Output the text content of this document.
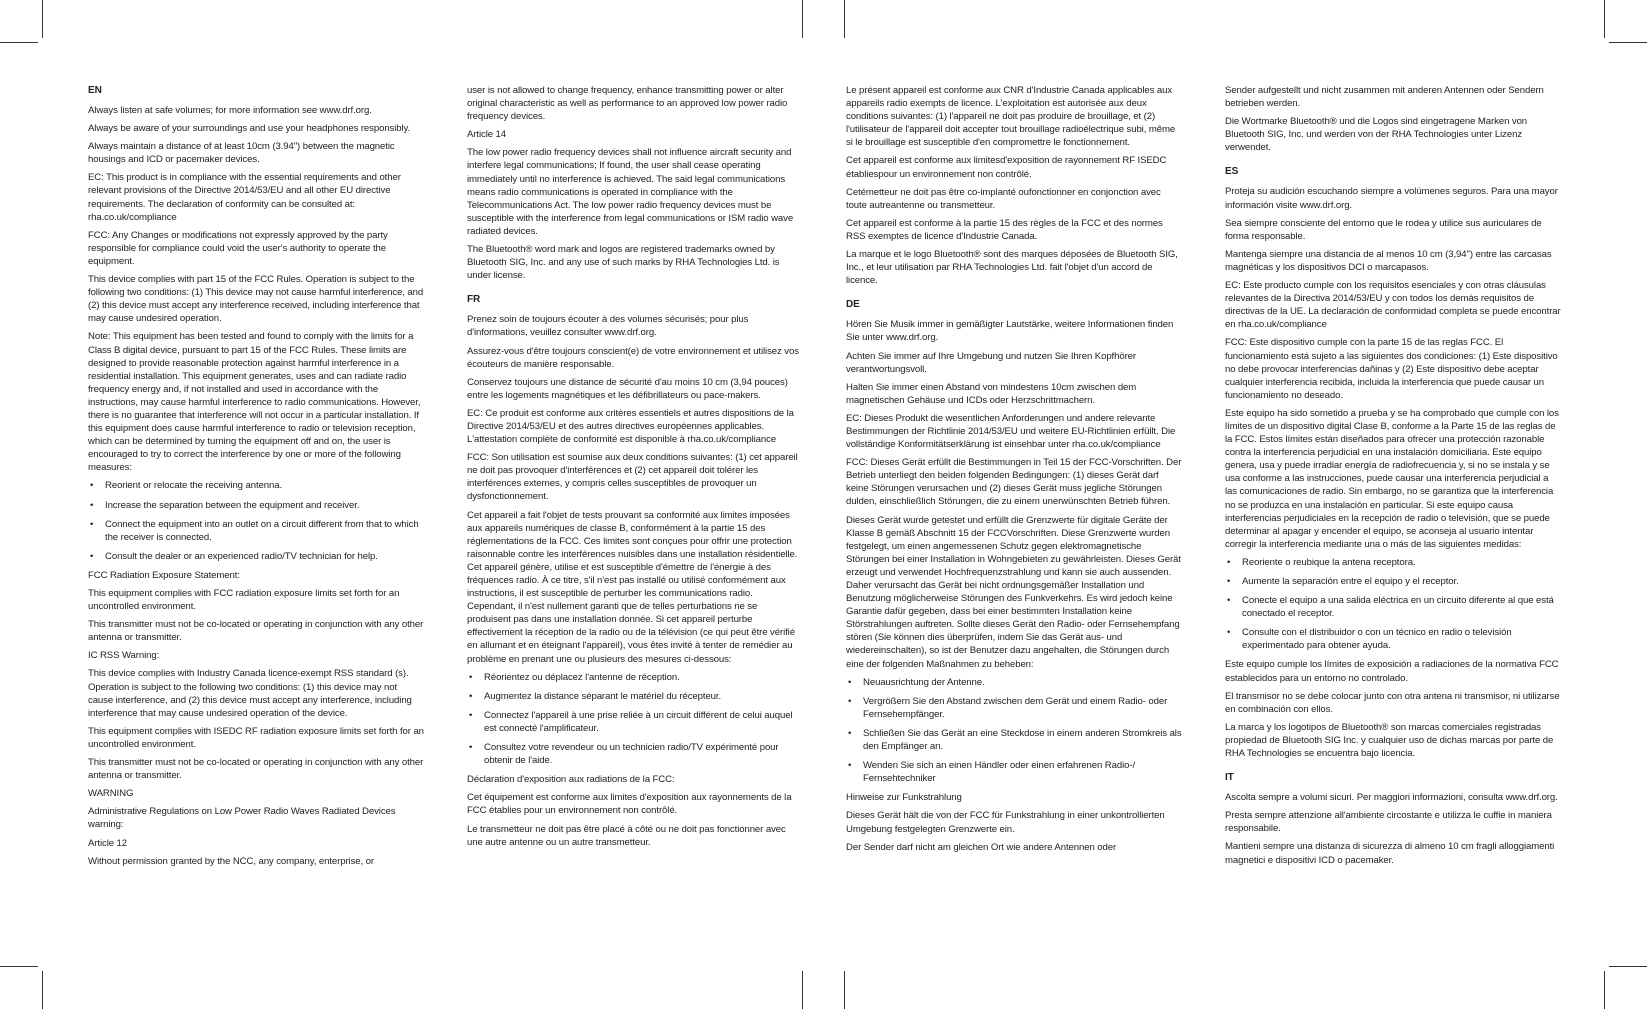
EN

Always listen at safe volumes; for more information see www.drf.org.

Always be aware of your surroundings and use your headphones responsibly.

Always maintain a distance of at least 10cm (3.94") between the magnetic housings and ICD or pacemaker devices.

EC: This product is in compliance with the essential requirements and other relevant provisions of the Directive 2014/53/EU and all other EU directive requirements. The declaration of conformity can be consulted at: rha.co.uk/compliance

FCC: Any Changes or modifications not expressly approved by the party responsible for compliance could void the user's authority to operate the equipment.

This device complies with part 15 of the FCC Rules. Operation is subject to the following two conditions: (1) This device may not cause harmful interference, and (2) this device must accept any interference received, including interference that may cause undesired operation.

Note: This equipment has been tested and found to comply with the limits for a Class B digital device, pursuant to part 15 of the FCC Rules. These limits are designed to provide reasonable protection against harmful interference in a residential installation. This equipment generates, uses and can radiate radio frequency energy and, if not installed and used in accordance with the instructions, may cause harmful interference to radio communications. However, there is no guarantee that interference will not occur in a particular installation. If this equipment does cause harmful interference to radio or television reception, which can be determined by turning the equipment off and on, the user is encouraged to try to correct the interference by one or more of the following measures:

• Reorient or relocate the receiving antenna.
• Increase the separation between the equipment and receiver.
• Connect the equipment into an outlet on a circuit different from that to which the receiver is connected.
• Consult the dealer or an experienced radio/TV technician for help.

FCC Radiation Exposure Statement:

This equipment complies with FCC radiation exposure limits set forth for an uncontrolled environment.

This transmitter must not be co-located or operating in conjunction with any other antenna or transmitter.

IC RSS Warning:

This device complies with Industry Canada licence-exempt RSS standard (s). Operation is subject to the following two conditions: (1) this device may not cause interference, and (2) this device must accept any interference, including interference that may cause undesired operation of the device.

This equipment complies with ISEDC RF radiation exposure limits set forth for an uncontrolled environment.

This transmitter must not be co-located or operating in conjunction with any other antenna or transmitter.

WARNING

Administrative Regulations on Low Power Radio Waves Radiated Devices warning:

Article 12

Without permission granted by the NCC, any company, enterprise, or

user is not allowed to change frequency, enhance transmitting power or alter original characteristic as well as performance to an approved low power radio frequency devices.

Article 14

The low power radio frequency devices shall not influence aircraft security and interfere legal communications; If found, the user shall cease operating immediately until no interference is achieved. The said legal communications means radio communications is operated in compliance with the Telecommunications Act. The low power radio frequency devices must be susceptible with the interference from legal communications or ISM radio wave radiated devices.

The Bluetooth® word mark and logos are registered trademarks owned by Bluetooth SIG, Inc. and any use of such marks by RHA Technologies Ltd. is under license.

FR

Prenez soin de toujours écouter à des volumes sécurisés; pour plus d'informations, veuillez consulter www.drf.org.

Assurez-vous d'être toujours conscient(e) de votre environnement et utilisez vos écouteurs de manière responsable.

Conservez toujours une distance de sécurité d'au moins 10 cm (3,94 pouces) entre les logements magnétiques et les défibrillateurs ou pace-makers.

EC: Ce produit est conforme aux critères essentiels et autres dispositions de la Directive 2014/53/EU et des autres directives européennes applicables. L'attestation complète de conformité est disponible à rha.co.uk/compliance

FCC: Son utilisation est soumise aux deux conditions suivantes: (1) cet appareil ne doit pas provoquer d'interférences et (2) cet appareil doit tolérer les interférences externes, y compris celles susceptibles de provoquer un dysfonctionnement.

Cet appareil a fait l'objet de tests prouvant sa conformité aux limites imposées aux appareils numériques de classe B, conformément à la partie 15 des réglementations de la FCC. Ces limites sont conçues pour offrir une protection raisonnable contre les interférences nuisibles dans une installation résidentielle. Cet appareil génère, utilise et est susceptible d'émettre de l'énergie à des fréquences radio. À ce titre, s'il n'est pas installé ou utilisé conformément aux instructions, il est susceptible de perturber les communications radio. Cependant, il n'est nullement garanti que de telles perturbations ne se produisent pas dans une installation donnée. Si cet appareil perturbe effectivement la réception de la radio ou de la télévision (ce qui peut être vérifié en allumant et en éteignant l'appareil), vous êtes invité à tenter de remédier au problème en prenant une ou plusieurs des mesures ci-dessous:

• Réorientez ou déplacez l'antenne de réception.
• Augmentez la distance séparant le matériel du récepteur.
• Connectez l'appareil à une prise reliée à un circuit différent de celui auquel est connecté l'amplificateur.
• Consultez votre revendeur ou un technicien radio/TV expérimenté pour obtenir de l'aide.

Déclaration d'exposition aux radiations de la FCC:

Cet équipement est conforme aux limites d'exposition aux rayonnements de la FCC établies pour un environnement non contrôlé.

Le transmetteur ne doit pas être placé à côté ou ne doit pas fonctionner avec une autre antenne ou un autre transmetteur.

Le présent appareil est conforme aux CNR d'Industrie Canada applicables aux appareils radio exempts de licence. L'exploitation est autorisée aux deux conditions suivantes: (1) l'appareil ne doit pas produire de brouillage, et (2) l'utilisateur de l'appareil doit accepter tout brouillage radioélectrique subi, même si le brouillage est susceptible d'en compromettre le fonctionnement.

Cet appareil est conforme aux limitesd'exposition de rayonnement RF ISEDC établiespour un environnement non contrôlé.

Cetémetteur ne doit pas être co-implanté oufonctionner en conjonction avec toute autreantenne ou transmetteur.

Cet appareil est conforme à la partie 15 des règles de la FCC et des normes RSS exemptes de licence d'Industrie Canada.

La marque et le logo Bluetooth® sont des marques déposées de Bluetooth SIG, Inc., et leur utilisation par RHA Technologies Ltd. fait l'objet d'un accord de licence.

DE

Hören Sie Musik immer in gemäßigter Lautstärke, weitere Informationen finden Sie unter www.drf.org.

Achten Sie immer auf Ihre Umgebung und nutzen Sie Ihren Kopfhörer verantwortungsvoll.

Halten Sie immer einen Abstand von mindestens 10cm zwischen dem magnetischen Gehäuse und ICDs oder Herzschrittmachern.

EC: Dieses Produkt die wesentlichen Anforderungen und andere relevante Bestimmungen der Richtlinie 2014/53/EU und weitere EU-Richtlinien erfüllt. Die vollständige Konformitätserklärung ist einsehbar unter rha.co.uk/compliance

FCC: Dieses Gerät erfüllt die Bestimmungen in Teil 15 der FCC-Vorschriften. Der Betrieb unterliegt den beiden folgenden Bedingungen: (1) dieses Gerät darf keine Störungen verursachen und (2) dieses Gerät muss jegliche Störungen dulden, einschließlich Störungen, die zu einem unerwünschten Betrieb führen.

Dieses Gerät wurde getestet und erfüllt die Grenzwerte für digitale Geräte der Klasse B gemäß Abschnitt 15 der FCCVorschriften. Diese Grenzwerte wurden festgelegt, um einen angemessenen Schutz gegen elektromagnetische Störungen bei einer Installation in Wohngebieten zu gewährleisten. Dieses Gerät erzeugt und verwendet Hochfrequenzstrahlung und kann sie auch aussenden. Daher verursacht das Gerät bei nicht ordnungsgemäßer Installation und Benutzung möglicherweise Störungen des Funkverkehrs. Es wird jedoch keine Garantie dafür gegeben, dass bei einer bestimmten Installation keine Störstrahlungen auftreten. Sollte dieses Gerät den Radio- oder Fernsehempfang stören (Sie können dies überprüfen, indem Sie das Gerät aus- und wiedereinschalten), so ist der Benutzer dazu angehalten, die Störungen durch eine der folgenden Maßnahmen zu beheben:

• Neuausrichtung der Antenne.
• Vergrößern Sie den Abstand zwischen dem Gerät und einem Radio- oder Fernsehempfänger.
• Schließen Sie das Gerät an eine Steckdose in einem anderen Stromkreis als den Empfänger an.
• Wenden Sie sich an einen Händler oder einen erfahrenen Radio-/ Fernsehtechniker

Hinweise zur Funkstrahlung

Dieses Gerät hält die von der FCC für Funkstrahlung in einer unkontrollierten Umgebung festgelegten Grenzwerte ein.

Der Sender darf nicht am gleichen Ort wie andere Antennen oder

Sender aufgestellt und nicht zusammen mit anderen Antennen oder Sendern betrieben werden.

Die Wortmarke Bluetooth® und die Logos sind eingetragene Marken von Bluetooth SIG, Inc. und werden von der RHA Technologies unter Lizenz verwendet.

ES

Proteja su audición escuchando siempre a volúmenes seguros. Para una mayor información visite www.drf.org.

Sea siempre consciente del entorno que le rodea y utilice sus auriculares de forma responsable.

Mantenga siempre una distancia de al menos 10 cm (3,94") entre las carcasas magnéticas y los dispositivos DCI o marcapasos.

EC: Este producto cumple con los requisitos esenciales y con otras cláusulas relevantes de la Directiva 2014/53/EU y con todos los demás requisitos de directivas de la UE. La declaración de conformidad completa se puede encontrar en rha.co.uk/compliance

FCC: Este dispositivo cumple con la parte 15 de las reglas FCC. El funcionamiento está sujeto a las siguientes dos condiciones: (1) Este dispositivo no debe provocar interferencias dañinas y (2) Este dispositivo debe aceptar cualquier interferencia recibida, incluida la interferencia que puede causar un funcionamiento no deseado.

Este equipo ha sido sometido a prueba y se ha comprobado que cumple con los límites de un dispositivo digital Clase B, conforme a la Parte 15 de las reglas de la FCC. Estos límites están diseñados para ofrecer una protección razonable contra la interferencia perjudicial en una instalación domiciliaria. Este equipo genera, usa y puede irradiar energía de radiofrecuencia y, si no se instala y se usa conforme a las instrucciones, puede causar una interferencia perjudicial a las comunicaciones de radio. Sin embargo, no se garantiza que la interferencia no se produzca en una instalación en particular. Si este equipo causa interferencias perjudiciales en la recepción de radio o televisión, que se puede determinar al apagar y encender el equipo, se aconseja al usuario intentar corregir la interferencia mediante una o más de las siguientes medidas:

• Reoriente o reubique la antena receptora.
• Aumente la separación entre el equipo y el receptor.
• Conecte el equipo a una salida eléctrica en un circuito diferente al que está conectado el receptor.
• Consulte con el distribuidor o con un técnico en radio o televisión experimentado para obtener ayuda.

Este equipo cumple los límites de exposición a radiaciones de la normativa FCC establecidos para un entorno no controlado.

El transmisor no se debe colocar junto con otra antena ni transmisor, ni utilizarse en combinación con ellos.

La marca y los logotipos de Bluetooth® son marcas comerciales registradas propiedad de Bluetooth SIG Inc. y cualquier uso de dichas marcas por parte de RHA Technologies se encuentra bajo licencia.

IT

Ascolta sempre a volumi sicuri. Per maggiori informazioni, consulta www.drf.org.

Presta sempre attenzione all'ambiente circostante e utilizza le cuffie in maniera responsabile.

Mantieni sempre una distanza di sicurezza di almeno 10 cm fragli alloggiamenti magnetici e dispositivi ICD o pacemaker.
